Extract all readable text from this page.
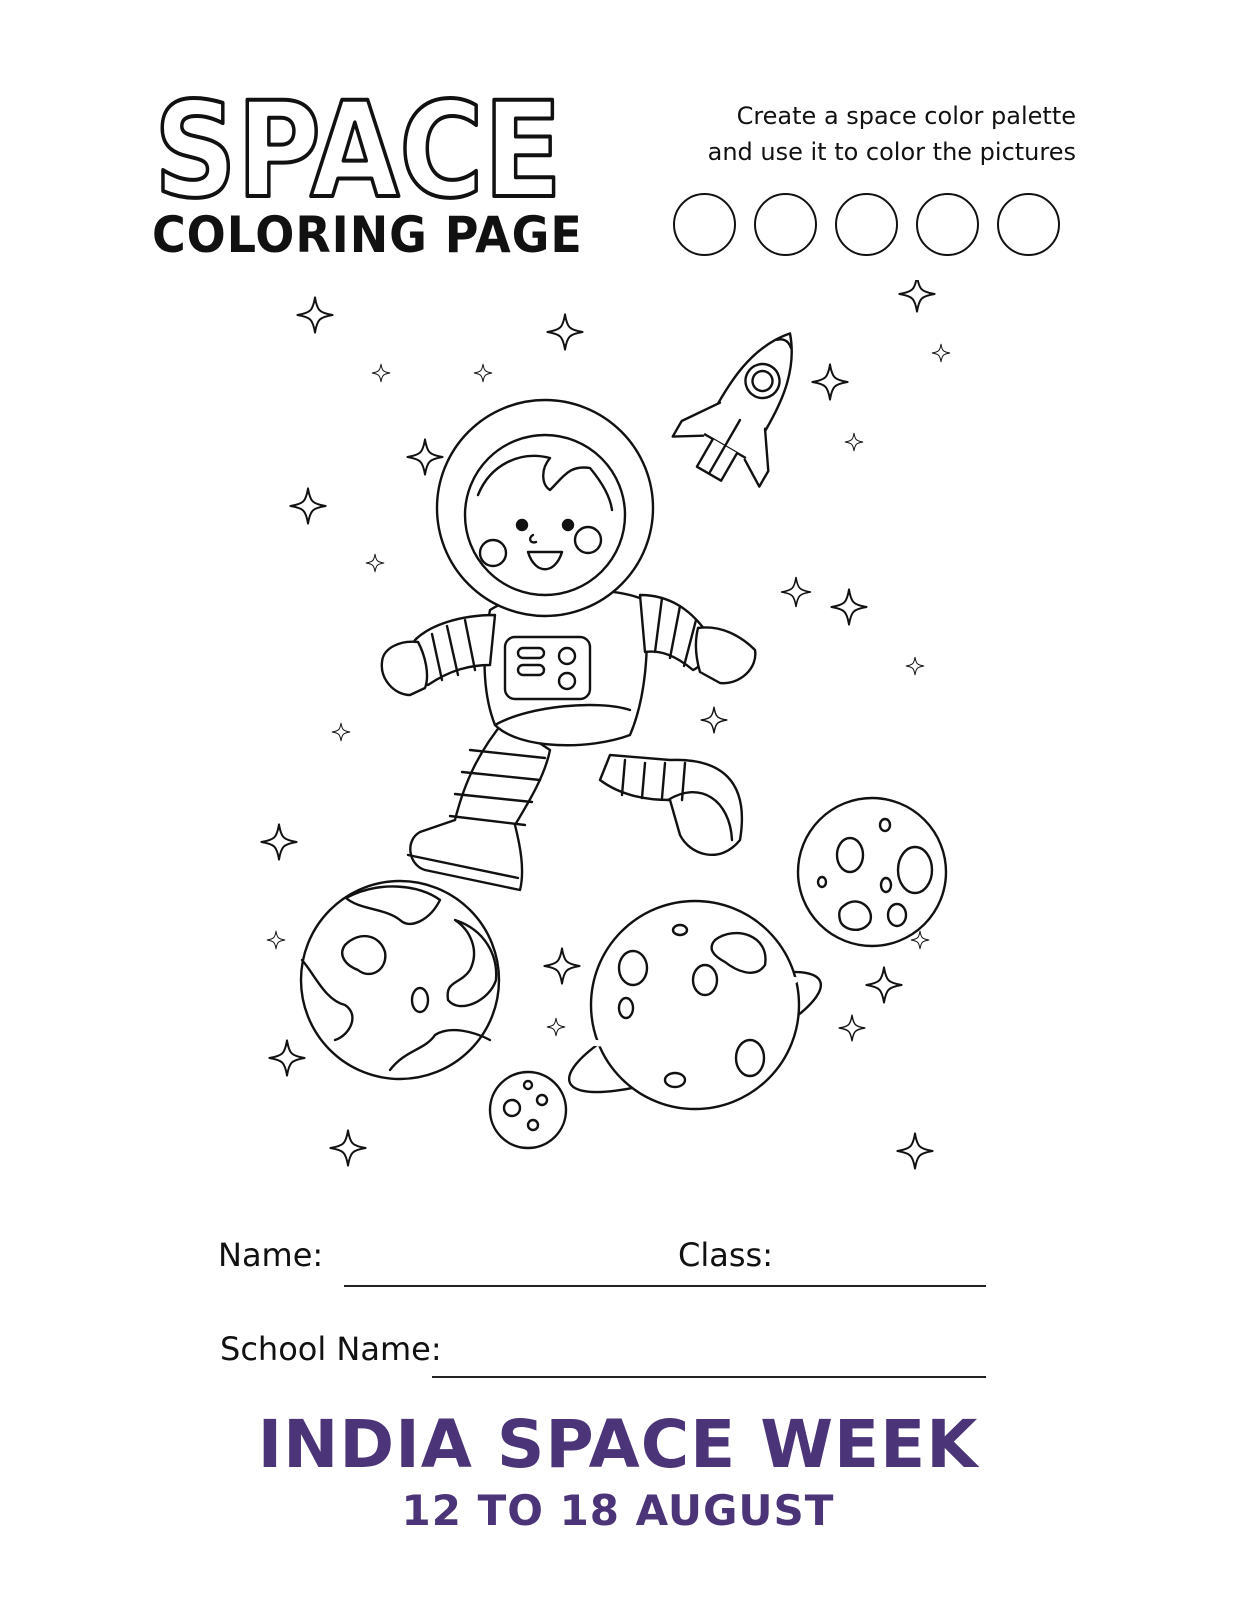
SPACE
COLORING PAGE
Create a space color palette
and use it to color the pictures
Name:	Class:
School Name:
INDIA SPACE WEEK
12 TO 18 AUGUST
